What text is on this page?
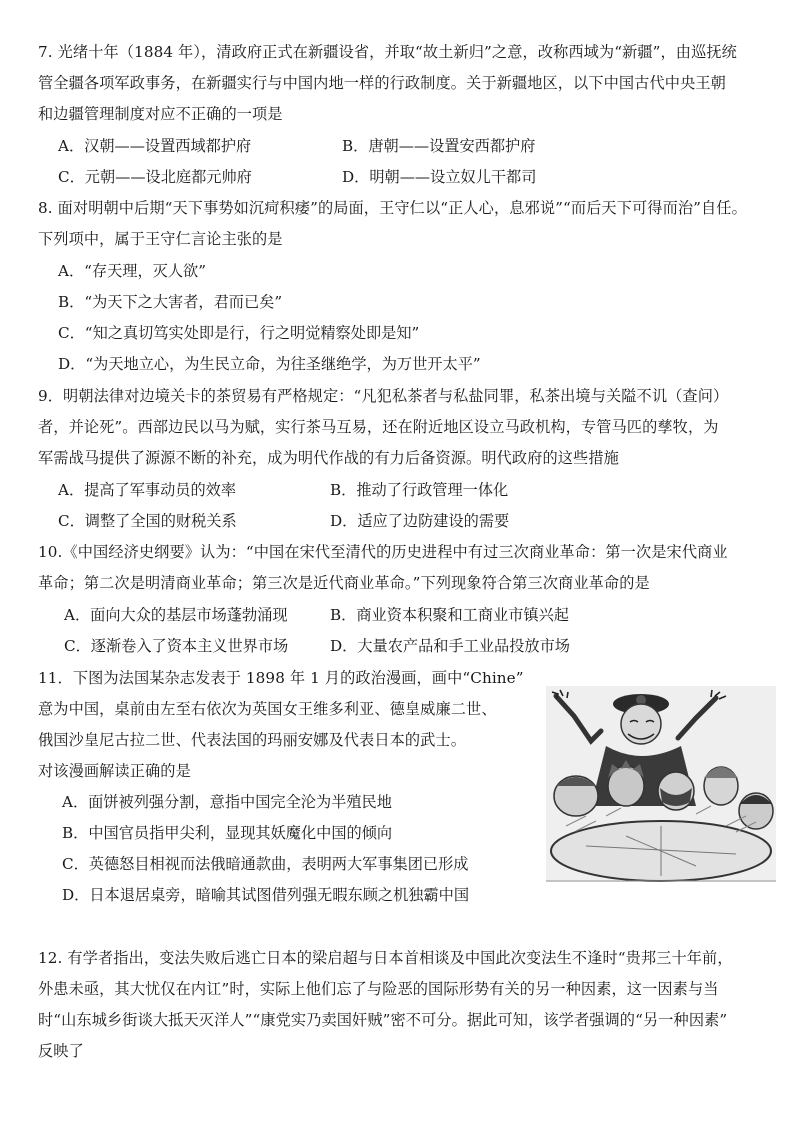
7. 光绪十年（1884 年），清政府正式在新疆设省，并取“故土新归”之意，改称西域为“新疆”，由巡抚统
管全疆各项军政事务，在新疆实行与中国内地一样的行政制度。关于新疆地区，以下中国古代中央王朝
和边疆管理制度对应不正确的一项是
A．汉朝——设置西域都护府	B．唐朝——设置安西都护府
C．元朝——设北庭都元帅府	D．明朝——设立奴儿干都司
8. 面对明朝中后期“天下事势如沉疴积痿”的局面，王守仁以“正人心，息邪说”“而后天下可得而治”自任。
下列项中，属于王守仁言论主张的是
A．“存天理，灭人欲”
B．“为天下之大害者，君而已矣”
C．“知之真切笃实处即是行，行之明觉精察处即是知”
D．“为天地立心，为生民立命，为往圣继绝学，为万世开太平”
9．明朝法律对边境关卡的茶贸易有严格规定：“凡犯私茶者与私盐同罪，私茶出境与关隘不讥（查问）
者，并论死”。西部边民以马为赋，实行茶马互易，还在附近地区设立马政机构，专管马匹的孳牧，为
军需战马提供了源源不断的补充，成为明代作战的有力后备资源。明代政府的这些措施
A．提高了军事动员的效率	B．推动了行政管理一体化
C．调整了全国的财税关系	D．适应了边防建设的需要
10.《中国经济史纲要》认为：“中国在宋代至清代的历史进程中有过三次商业革命：第一次是宋代商业
革命；第二次是明清商业革命；第三次是近代商业革命。”下列现象符合第三次商业革命的是
A．面向大众的基层市场蓬勃涌现	B．商业资本积聚和工商业市镇兴起
C．逐渐卷入了资本主义世界市场	D．大量农产品和手工业品投放市场
11．下图为法国某杂志发表于 1898 年 1 月的政治漫画，画中“Chine”
意为中国，桌前由左至右依次为英国女王维多利亚、德皇威廉二世、
俄国沙皇尼古拉二世、代表法国的玛丽安娜及代表日本的武士。
对该漫画解读正确的是
A．面饼被列强分割，意指中国完全沦为半殖民地
B．中国官员指甲尖利，显现其妖魔化中国的倾向
C．英德怒目相视而法俄暗通款曲，表明两大军事集团已形成
D．日本退居桌旁，暗喻其试图借列强无暇东顾之机独霸中国
12. 有学者指出，变法失败后逃亡日本的梁启超与日本首相谈及中国此次变法生不逢时“贵邦三十年前，
外患未亟，其大忧仅在内讧”时，实际上他们忘了与险恶的国际形势有关的另一种因素，这一因素与当
时“山东城乡街谈大抵天灭洋人”“康党实乃卖国奸贼”密不可分。据此可知，该学者强调的“另一种因素”
反映了
